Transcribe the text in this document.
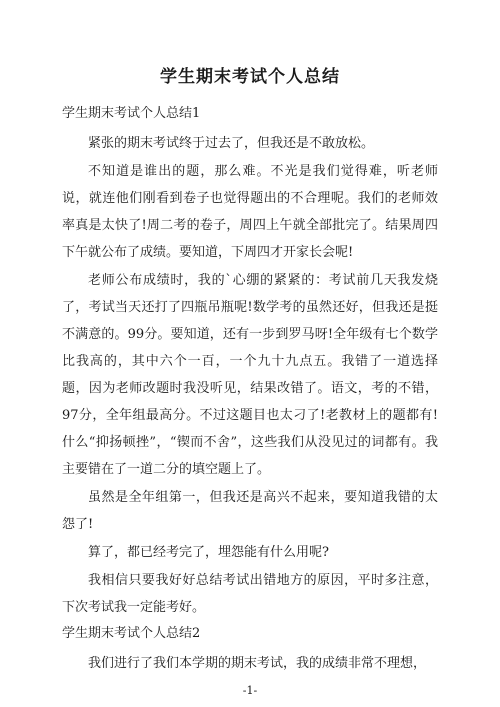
学生期末考试个人总结
学生期末考试个人总结1

紧张的期末考试终于过去了，但我还是不敢放松。

不知道是谁出的题，那么难。不光是我们觉得难，听老师说，就连他们刚看到卷子也觉得题出的不合理呢。我们的老师效率真是太快了!周二考的卷子，周四上午就全部批完了。结果周四下午就公布了成绩。要知道，下周四才开家长会呢!

老师公布成绩时，我的`心绷的紧紧的：考试前几天我发烧了，考试当天还打了四瓶吊瓶呢!数学考的虽然还好，但我还是挺不满意的。99分。要知道，还有一步到罗马呀!全年级有七个数学比我高的，其中六个一百，一个九十九点五。我错了一道选择题，因为老师改题时我没听见，结果改错了。语文，考的不错，97分，全年组最高分。不过这题目也太刁了!老教材上的题都有!什么“抑扬顿挫”，“锲而不舍”，这些我们从没见过的词都有。我主要错在了一道二分的填空题上了。

虽然是全年组第一，但我还是高兴不起来，要知道我错的太怨了!

算了，都已经考完了，埋怨能有什么用呢?

我相信只要我好好总结考试出错地方的原因，平时多注意，下次考试我一定能考好。

学生期末考试个人总结2

我们进行了我们本学期的期末考试，我的成绩非常不理想，

-1-
